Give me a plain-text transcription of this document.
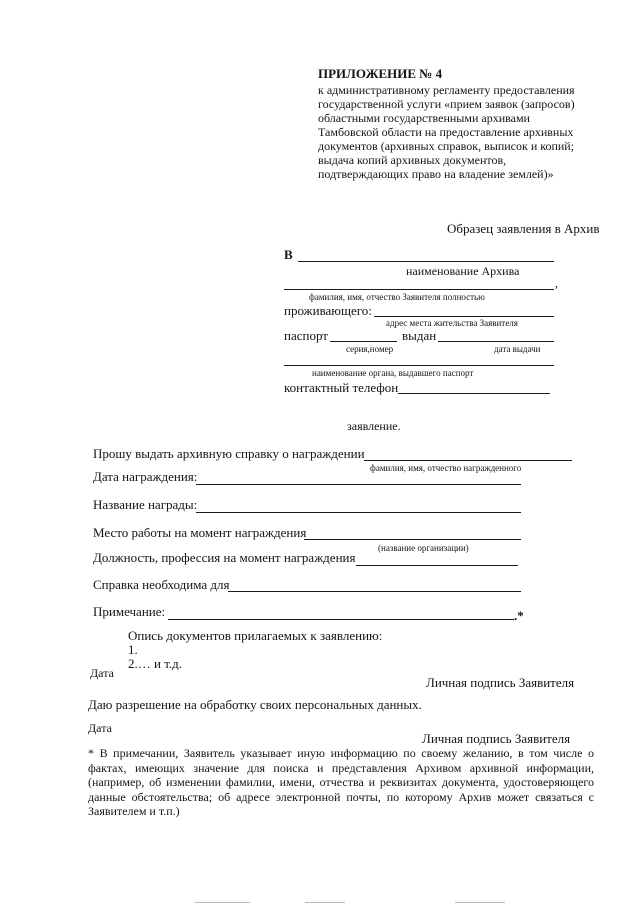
ПРИЛОЖЕНИЕ № 4
к административному регламенту предоставления государственной услуги «прием заявок (запросов) областными государственными архивами Тамбовской области на предоставление архивных документов (архивных справок, выписок и копий; выдача копий архивных документов, подтверждающих право на владение землей)»
Образец заявления в Архив
В
наименование Архива
,
фамилия, имя, отчество Заявителя полностью
проживающего:
адрес места жительства Заявителя
паспорт	выдан
серия,номер	дата выдачи
наименование органа, выдавшего паспорт
контактный телефон
заявление.
Прошу выдать архивную справку о награждении
фамилия, имя, отчество награжденного
Дата награждения:
Название награды:
Место работы на момент награждения
(название организации)
Должность, профессия на момент награждения
Справка необходима для
Примечание:	.*
Опись документов прилагаемых к заявлению:
1.
2.… и т.д.
Дата
Личная подпись Заявителя
Даю разрешение на обработку своих персональных данных.
Дата
Личная подпись Заявителя
* В примечании, Заявитель указывает иную информацию по своему желанию, в том числе о фактах, имеющих значение для поиска и представления Архивом архивной информации, (например, об изменении фамилии, имени, отчества и реквизитах документа, удостоверяющего данные обстоятельства; об адресе электронной почты, по которому Архив может связаться с Заявителем и т.п.)
